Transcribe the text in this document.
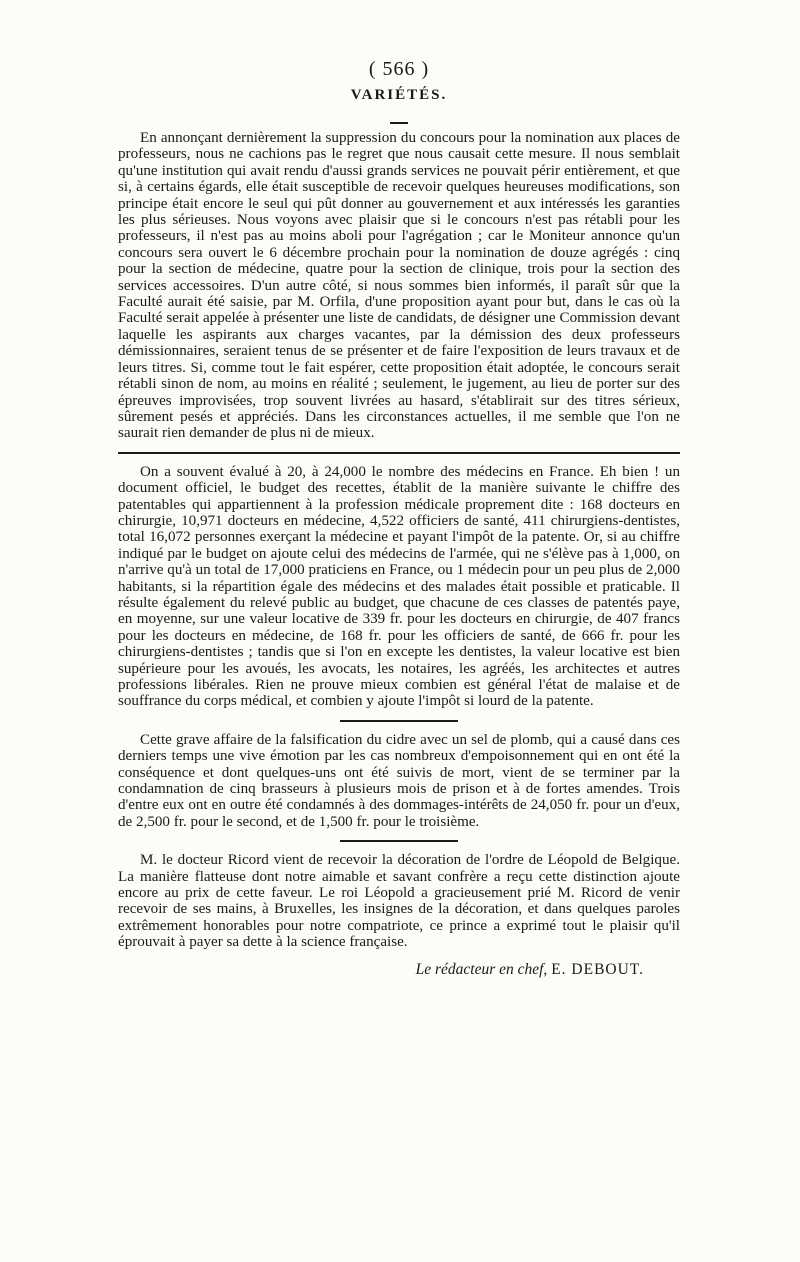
( 566 )
VARIÉTÉS.

En annonçant dernièrement la suppression du concours pour la nomination aux places de professeurs, nous ne cachions pas le regret que nous causait cette mesure. Il nous semblait qu'une institution qui avait rendu d'aussi grands services ne pouvait périr entièrement, et que si, à certains égards, elle était susceptible de recevoir quelques heureuses modifications, son principe était encore le seul qui pût donner au gouvernement et aux intéressés les garanties les plus sérieuses. Nous voyons avec plaisir que si le concours n'est pas rétabli pour les professeurs, il n'est pas au moins aboli pour l'agrégation ; car le Moniteur annonce qu'un concours sera ouvert le 6 décembre prochain pour la nomination de douze agrégés : cinq pour la section de médecine, quatre pour la section de clinique, trois pour la section des services accessoires. D'un autre côté, si nous sommes bien informés, il paraît sûr que la Faculté aurait été saisie, par M. Orfila, d'une proposition ayant pour but, dans le cas où la Faculté serait appelée à présenter une liste de candidats, de désigner une Commission devant laquelle les aspirants aux charges vacantes, par la démission des deux professeurs démissionnaires, seraient tenus de se présenter et de faire l'exposition de leurs travaux et de leurs titres. Si, comme tout le fait espérer, cette proposition était adoptée, le concours serait rétabli sinon de nom, au moins en réalité ; seulement, le jugement, au lieu de porter sur des épreuves improvisées, trop souvent livrées au hasard, s'établirait sur des titres sérieux, sûrement pesés et appréciés. Dans les circonstances actuelles, il me semble que l'on ne saurait rien demander de plus ni de mieux.

On a souvent évalué à 20, à 24,000 le nombre des médecins en France. Eh bien ! un document officiel, le budget des recettes, établit de la manière suivante le chiffre des patentables qui appartiennent à la profession médicale proprement dite : 168 docteurs en chirurgie, 10,971 docteurs en médecine, 4,522 officiers de santé, 411 chirurgiens-dentistes, total 16,072 personnes exerçant la médecine et payant l'impôt de la patente. Or, si au chiffre indiqué par le budget on ajoute celui des médecins de l'armée, qui ne s'élève pas à 1,000, on n'arrive qu'à un total de 17,000 praticiens en France, ou 1 médecin pour un peu plus de 2,000 habitants, si la répartition égale des médecins et des malades était possible et praticable. Il résulte également du relevé public au budget, que chacune de ces classes de patentés paye, en moyenne, sur une valeur locative de 339 fr. pour les docteurs en chirurgie, de 407 francs pour les docteurs en médecine, de 168 fr. pour les officiers de santé, de 666 fr. pour les chirurgiens-dentistes ; tandis que si l'on en excepte les dentistes, la valeur locative est bien supérieure pour les avoués, les avocats, les notaires, les agréés, les architectes et autres professions libérales. Rien ne prouve mieux combien est général l'état de malaise et de souffrance du corps médical, et combien y ajoute l'impôt si lourd de la patente.

Cette grave affaire de la falsification du cidre avec un sel de plomb, qui a causé dans ces derniers temps une vive émotion par les cas nombreux d'empoisonnement qui en ont été la conséquence et dont quelques-uns ont été suivis de mort, vient de se terminer par la condamnation de cinq brasseurs à plusieurs mois de prison et à de fortes amendes. Trois d'entre eux ont en outre été condamnés à des dommages-intérêts de 24,050 fr. pour un d'eux, de 2,500 fr. pour le second, et de 1,500 fr. pour le troisième.

M. le docteur Ricord vient de recevoir la décoration de l'ordre de Léopold de Belgique. La manière flatteuse dont notre aimable et savant confrère a reçu cette distinction ajoute encore au prix de cette faveur. Le roi Léopold a gracieusement prié M. Ricord de venir recevoir de ses mains, à Bruxelles, les insignes de la décoration, et dans quelques paroles extrêmement honorables pour notre compatriote, ce prince a exprimé tout le plaisir qu'il éprouvait à payer sa dette à la science française.

Le rédacteur en chef, E. DEBOUT.
